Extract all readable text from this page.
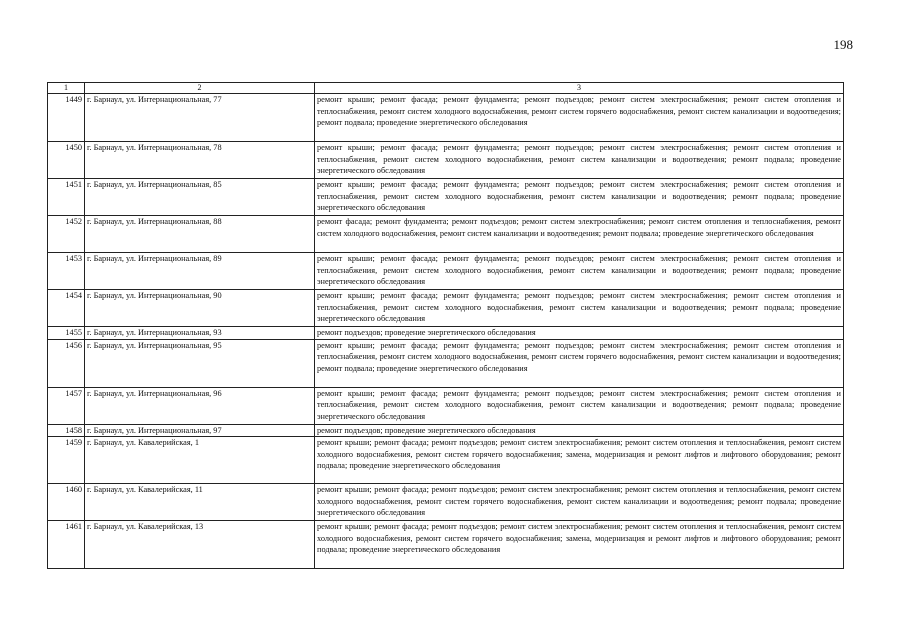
198
1	2	3
1449	г. Барнаул, ул. Интернациональная, 77	ремонт крыши; ремонт фасада; ремонт фундамента; ремонт подъездов; ремонт систем электроснабжения; ремонт систем отопления и теплоснабжения, ремонт систем холодного водоснабжения, ремонт систем горячего водоснабжения, ремонт систем канализации и водоотведения; ремонт подвала; проведение энергетического обследования
1450	г. Барнаул, ул. Интернациональная, 78	ремонт крыши; ремонт фасада; ремонт фундамента; ремонт подъездов; ремонт систем электроснабжения; ремонт систем отопления и теплоснабжения, ремонт систем холодного водоснабжения, ремонт систем канализации и водоотведения; ремонт подвала; проведение энергетического обследования
1451	г. Барнаул, ул. Интернациональная, 85	ремонт крыши; ремонт фасада; ремонт фундамента; ремонт подъездов; ремонт систем электроснабжения; ремонт систем отопления и теплоснабжения, ремонт систем холодного водоснабжения, ремонт систем канализации и водоотведения; ремонт подвала; проведение энергетического обследования
1452	г. Барнаул, ул. Интернациональная, 88	ремонт фасада; ремонт фундамента; ремонт подъездов; ремонт систем электроснабжения; ремонт систем отопления и теплоснабжения, ремонт систем холодного водоснабжения, ремонт систем канализации и водоотведения; ремонт подвала; проведение энергетического обследования
1453	г. Барнаул, ул. Интернациональная, 89	ремонт крыши; ремонт фасада; ремонт фундамента; ремонт подъездов; ремонт систем электроснабжения; ремонт систем отопления и теплоснабжения, ремонт систем холодного водоснабжения, ремонт систем канализации и водоотведения; ремонт подвала; проведение энергетического обследования
1454	г. Барнаул, ул. Интернациональная, 90	ремонт крыши; ремонт фасада; ремонт фундамента; ремонт подъездов; ремонт систем электроснабжения; ремонт систем отопления и теплоснабжения, ремонт систем холодного водоснабжения, ремонт систем канализации и водоотведения; ремонт подвала; проведение энергетического обследования
1455	г. Барнаул, ул. Интернациональная, 93	ремонт подъездов; проведение энергетического обследования
1456	г. Барнаул, ул. Интернациональная, 95	ремонт крыши; ремонт фасада; ремонт фундамента; ремонт подъездов; ремонт систем электроснабжения; ремонт систем отопления и теплоснабжения, ремонт систем холодного водоснабжения, ремонт систем горячего водоснабжения, ремонт систем канализации и водоотведения; ремонт подвала; проведение энергетического обследования
1457	г. Барнаул, ул. Интернациональная, 96	ремонт крыши; ремонт фасада; ремонт фундамента; ремонт подъездов; ремонт систем электроснабжения; ремонт систем отопления и теплоснабжения, ремонт систем холодного водоснабжения, ремонт систем канализации и водоотведения; ремонт подвала; проведение энергетического обследования
1458	г. Барнаул, ул. Интернациональная, 97	ремонт подъездов; проведение энергетического обследования
1459	г. Барнаул, ул. Кавалерийская, 1	ремонт крыши; ремонт фасада; ремонт подъездов; ремонт систем электроснабжения; ремонт систем отопления и теплоснабжения, ремонт систем холодного водоснабжения, ремонт систем горячего водоснабжения; замена, модернизация и ремонт лифтов и лифтового оборудования; ремонт подвала; проведение энергетического обследования
1460	г. Барнаул, ул. Кавалерийская, 11	ремонт крыши; ремонт фасада; ремонт подъездов; ремонт систем электроснабжения; ремонт систем отопления и теплоснабжения, ремонт систем холодного водоснабжения, ремонт систем горячего водоснабжения, ремонт систем канализации и водоотведения; ремонт подвала; проведение энергетического обследования
1461	г. Барнаул, ул. Кавалерийская, 13	ремонт крыши; ремонт фасада; ремонт подъездов; ремонт систем электроснабжения; ремонт систем отопления и теплоснабжения, ремонт систем холодного водоснабжения, ремонт систем горячего водоснабжения; замена, модернизация и ремонт лифтов и лифтового оборудования; ремонт подвала; проведение энергетического обследования
